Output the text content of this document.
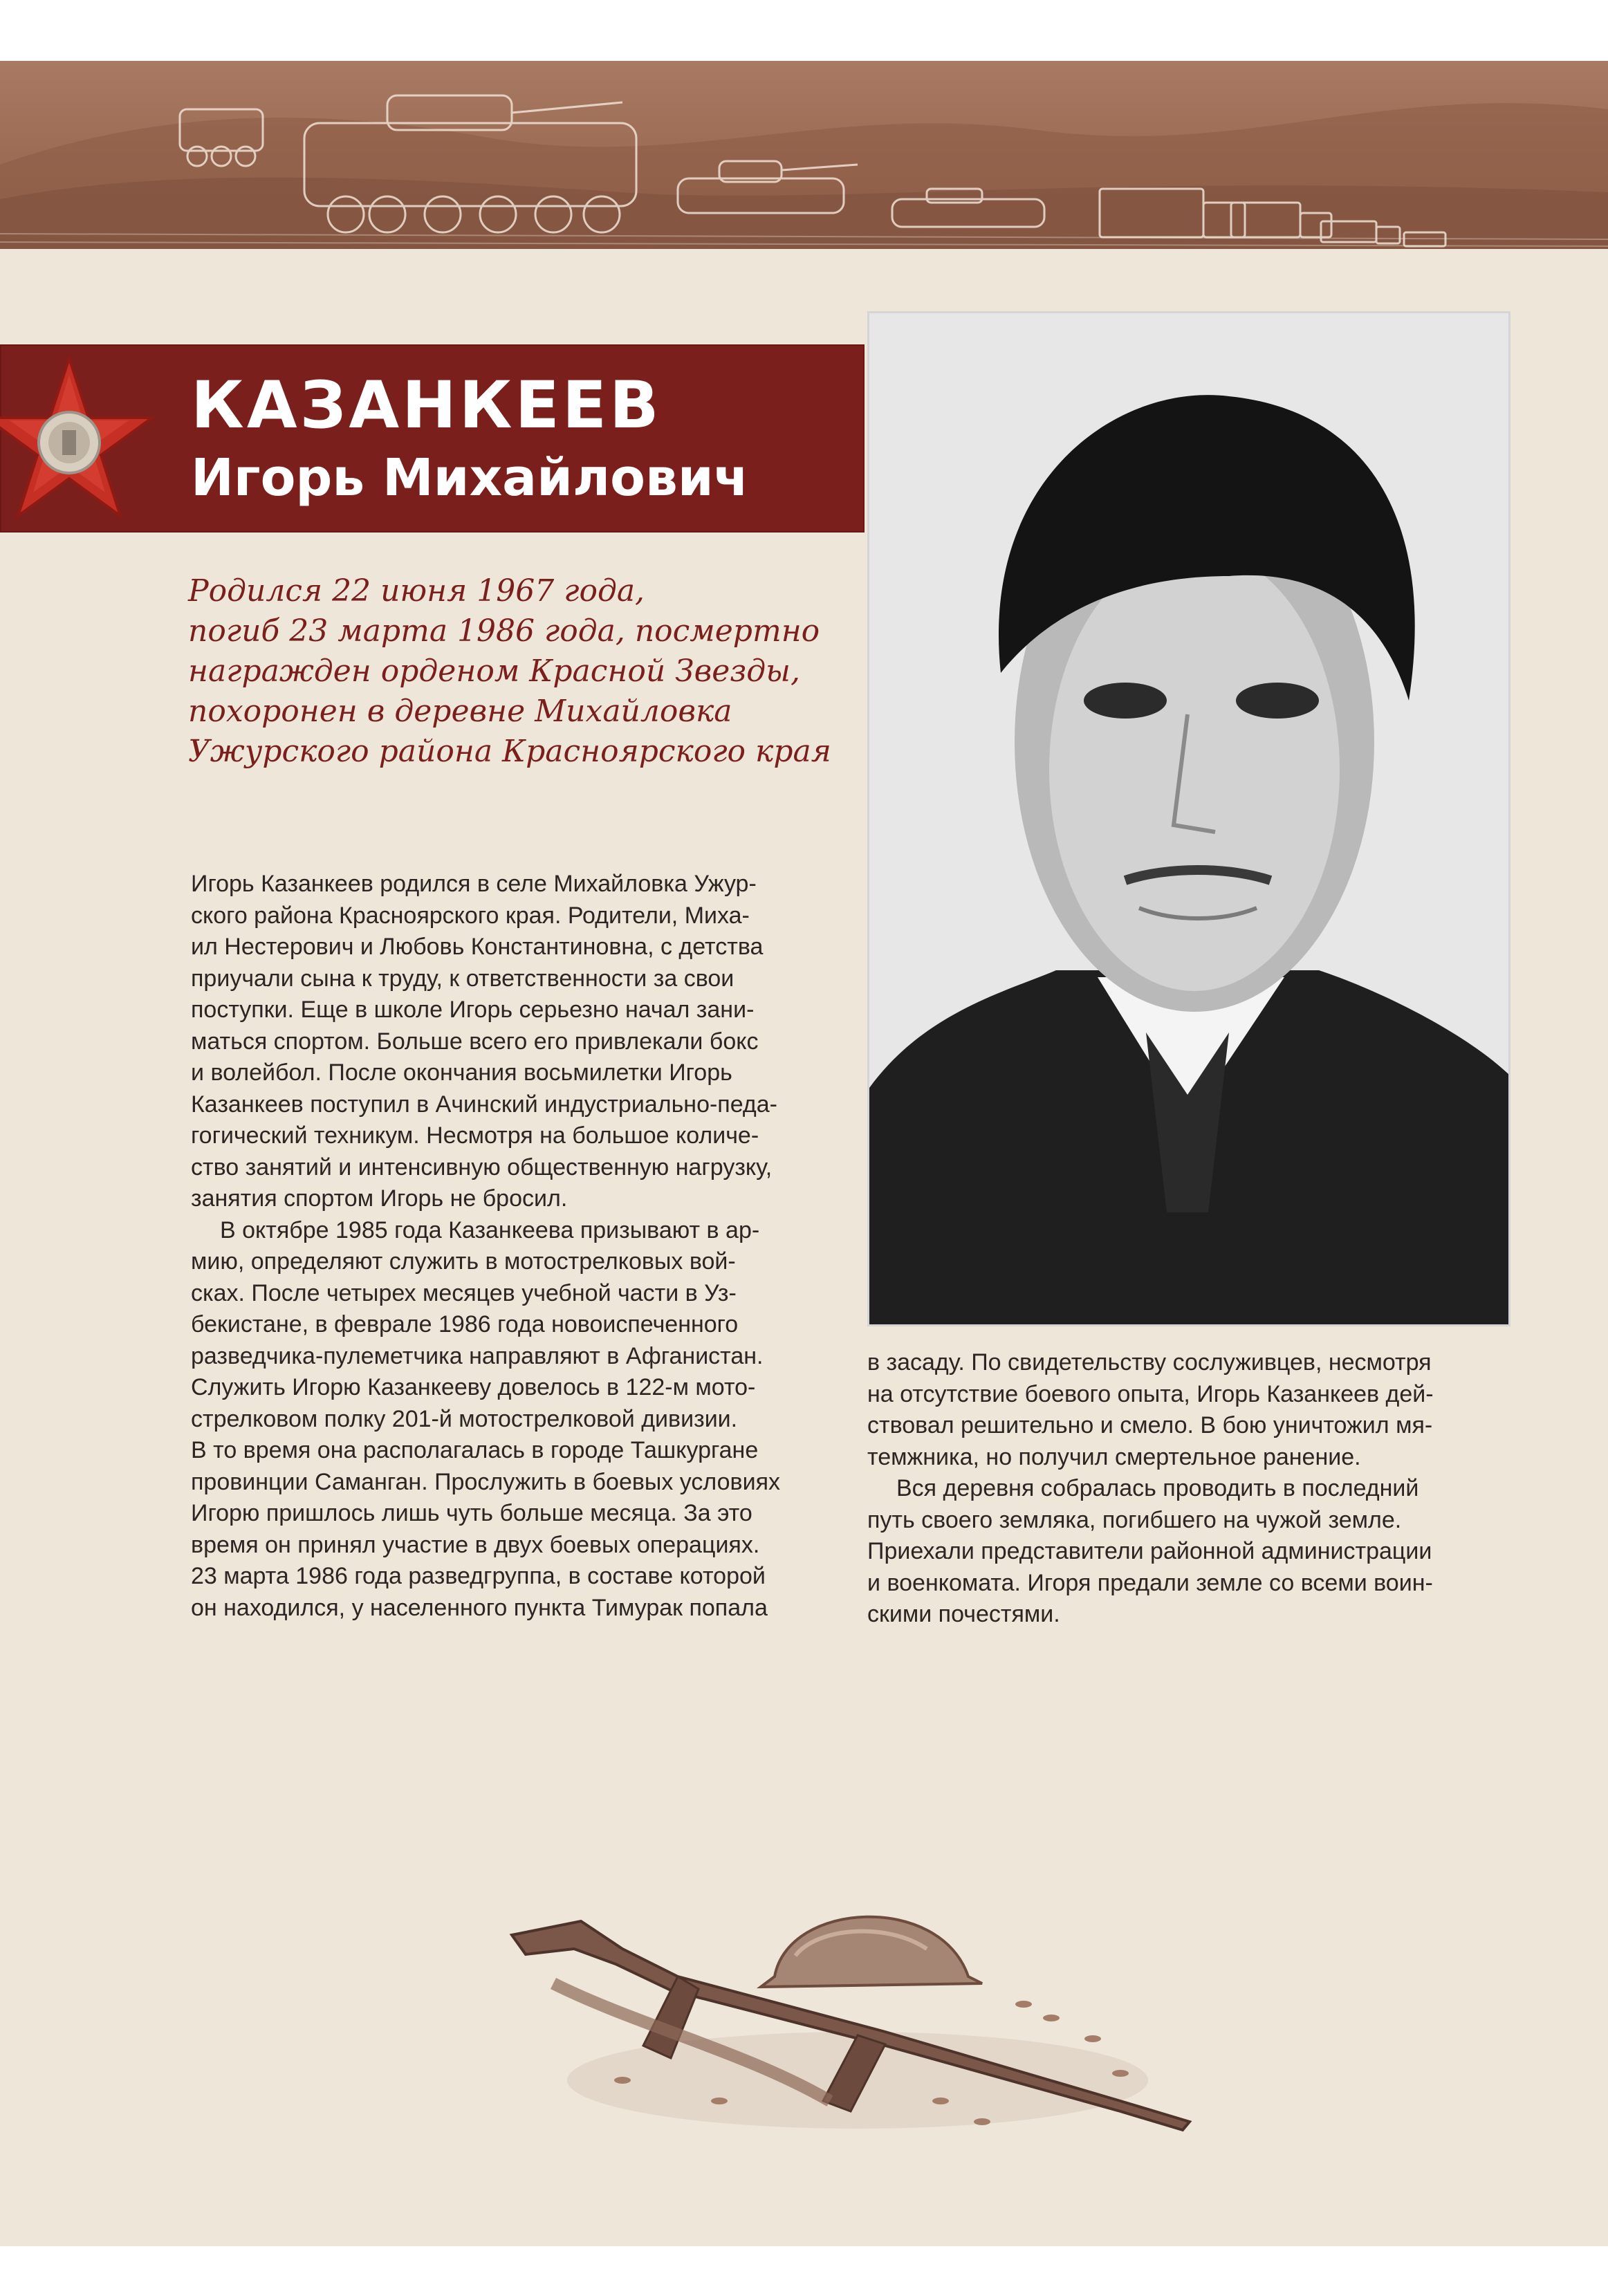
КАЗАНКЕЕВ
Игорь Михайлович
Родился 22 июня 1967 года,
погиб 23 марта 1986 года, посмертно
награжден орденом Красной Звезды,
похоронен в деревне Михайловка
Ужурского района Красноярского края
Игорь Казанкеев родился в селе Михайловка Ужур-
ского района Красноярского края. Родители, Миха-
ил Нестерович и Любовь Константиновна, с детства
приучали сына к труду, к ответственности за свои
поступки. Еще в школе Игорь серьезно начал зани-
маться спортом. Больше всего его привлекали бокс
и волейбол. После окончания восьмилетки Игорь
Казанкеев поступил в Ачинский индустриально-педа-
гогический техникум. Несмотря на большое количе-
ство занятий и интенсивную общественную нагрузку,
занятия спортом Игорь не бросил.
В октябре 1985 года Казанкеева призывают в ар-
мию, определяют служить в мотострелковых вой-
сках. После четырех месяцев учебной части в Уз-
бекистане, в феврале 1986 года новоиспеченного
разведчика-пулеметчика направляют в Афганистан.
Служить Игорю Казанкееву довелось в 122-м мото-
стрелковом полку 201-й мотострелковой дивизии.
В то время она располагалась в городе Ташкургане
провинции Саманган. Прослужить в боевых условиях
Игорю пришлось лишь чуть больше месяца. За это
время он принял участие в двух боевых операциях.
23 марта 1986 года разведгруппа, в составе которой
он находился, у населенного пункта Тимурак попала
в засаду. По свидетельству сослуживцев, несмотря
на отсутствие боевого опыта, Игорь Казанкеев дей-
ствовал решительно и смело. В бою уничтожил мя-
темжника, но получил смертельное ранение.
Вся деревня собралась проводить в последний
путь своего земляка, погибшего на чужой земле.
Приехали представители районной администрации
и военкомата. Игоря предали земле со всеми воин-
скими почестями.
